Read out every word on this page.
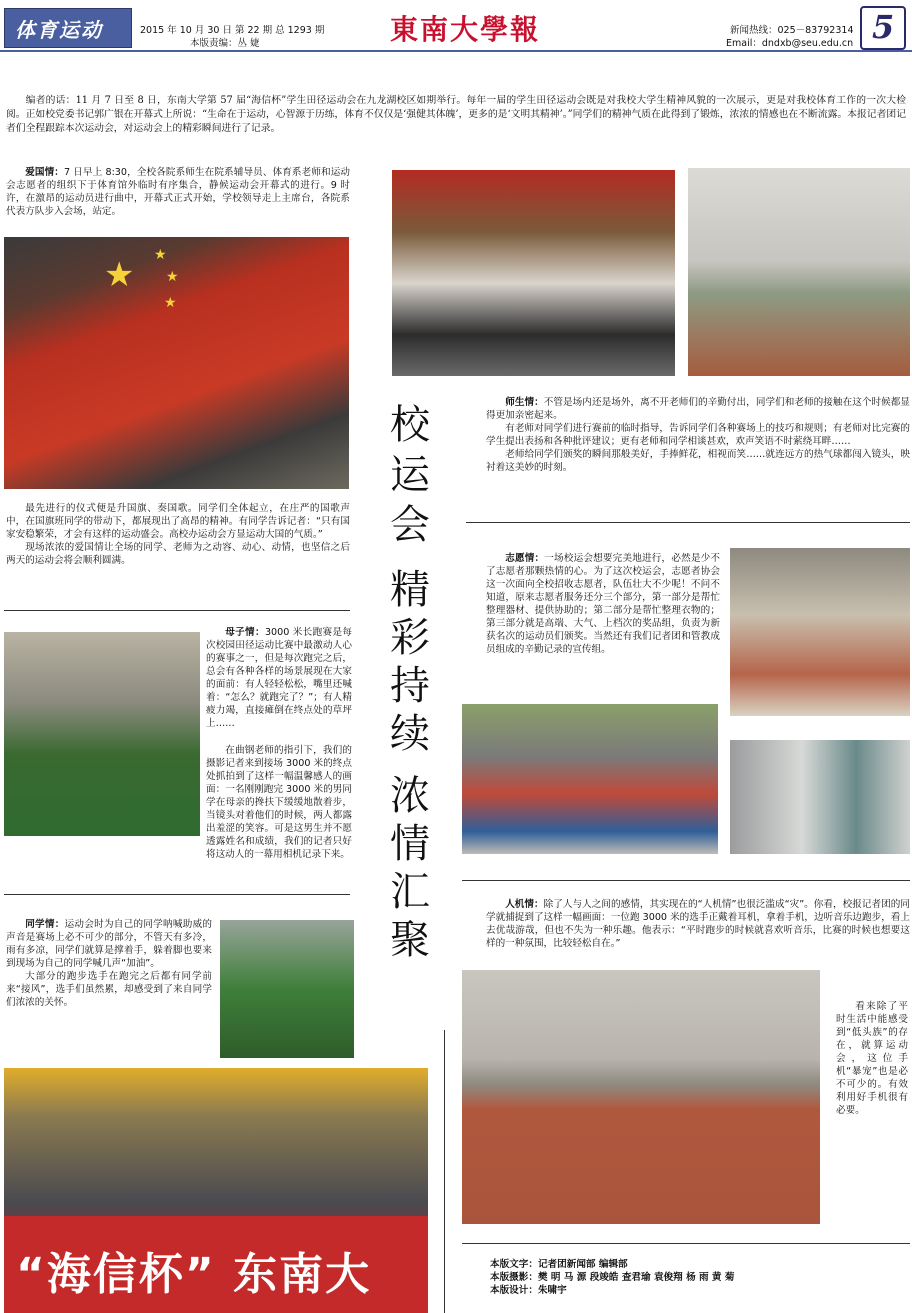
体育运动	2015 年 10 月 30 日 第 22 期 总 1293 期
本版责编：丛 婕	東南大學報	新闻热线：025－83792314
Email：dndxb@seu.edu.cn 5
编者的话：11 月 7 日至 8 日，东南大学第 57 届“海信杯”学生田径运动会在九龙湖校区如期举行。每年一届的学生田径运动会既是对我校大学生精神风貌的一次展示，更是对我校体育工作的一次大检阅。正如校党委书记郭广银在开幕式上所说：“生命在于运动，心智源于历练，体育不仅仅是‘强健其体魄’，更多的是‘文明其精神’。”同学们的精神气质在此得到了锻炼，浓浓的情感也在不断流露。本报记者团记者们全程跟踪本次运动会，对运动会上的精彩瞬间进行了记录。

爱国情：7 日早上 8:30，全校各院系师生在院系辅导员、体育系老师和运动会志愿者的组织下于体育馆外临时有序集合，静候运动会开幕式的进行。9 时许，在激昂的运动员进行曲中，开幕式正式开始，学校领导走上主席台，各院系代表方队步入会场，站定。

★ ★
★
★

最先进行的仪式便是升国旗、奏国歌。同学们全体起立，在庄严的国歌声中，在国旗班同学的带动下，都展现出了高昂的精神。有同学告诉记者：“只有国家安稳繁荣，才会有这样的运动盛会。高校办运动会方显运动大国的气质。”

现场浓浓的爱国情让全场的同学、老师为之动容、动心、动情，也坚信之后两天的运动会将会顺利圆满。

母子情：3000 米长跑赛是每次校园田径运动比赛中最激动人心的赛事之一，但是每次跑完之后，总会有各种各样的场景展现在大家的面前：有人轻轻松松，嘴里还喊着：“怎么？就跑完了？”；有人精疲力竭，直接瘫倒在终点处的草坪上……

在曲钢老师的指引下，我们的摄影记者来到接场 3000 米的终点处抓拍到了这样一幅温馨感人的画面：一名刚刚跑完 3000 米的男同学在母亲的搀扶下缓缓地散着步，当镜头对着他们的时候，两人都露出羞涩的笑容。可是这男生并不愿透露姓名和成绩，我们的记者只好将这动人的一幕用相机记录下来。

同学情：运动会时为自己的同学呐喊助威的声音是赛场上必不可少的部分，不管天有多冷，雨有多凉，同学们就算是撑着手，躲着脚也要来到现场为自己的同学喊几声“加油”。

大部分的跑步选手在跑完之后都有同学前来“接风”，选手们虽然累，却感受到了来自同学们浓浓的关怀。

“海信杯” 东南大
校
运
会
精
彩
持
续
浓
情
汇
聚

师生情：不管是场内还是场外，离不开老师们的辛勤付出，同学们和老师的接触在这个时候都显得更加亲密起来。

有老师对同学们进行赛前的临时指导，告诉同学们各种赛场上的技巧和规则；有老师对比完赛的学生提出表扬和各种批评建议；更有老师和同学相谈甚欢，欢声笑语不时萦绕耳畔……

老师给同学们颁奖的瞬间那般美好，手捧鲜花，相视而笑……就连远方的热气球都闯入镜头，映衬着这美妙的时刻。

志愿情：一场校运会想要完美地进行，必然是少不了志愿者那颗热情的心。为了这次校运会，志愿者协会这一次面向全校招收志愿者，队伍壮大不少呢！不问不知道，原来志愿者服务还分三个部分，第一部分是帮忙整理器材、提供协助的；第二部分是帮忙整理衣物的；第三部分就是高端、大气、上档次的奖品组，负责为新获名次的运动员们颁奖。当然还有我们记者团和管教成员组成的辛勤记录的宣传组。

人机情：除了人与人之间的感情，其实现在的“人机情”也很泛滥成“灾”。你看，校报记者团的同学就捕捉到了这样一幅画面：一位跑 3000 米的选手正戴着耳机，拿着手机，边听音乐边跑步，看上去优哉游哉，但也不失为一种乐趣。他表示：“平时跑步的时候就喜欢听音乐，比赛的时候也想要这样的一种氛围，比较轻松自在。”

看来除了平时生活中能感受到“低头族”的存在，就算运动会，这位手机“暴宠”也是必不可少的。有效利用好手机很有必要。

本版文字：记者团新闻部 编辑部
本版摄影：樊 明 马 源 段竣皓 查君瑜 袁俊翔 杨 雨 黄 菊
本版设计：朱啸宇
